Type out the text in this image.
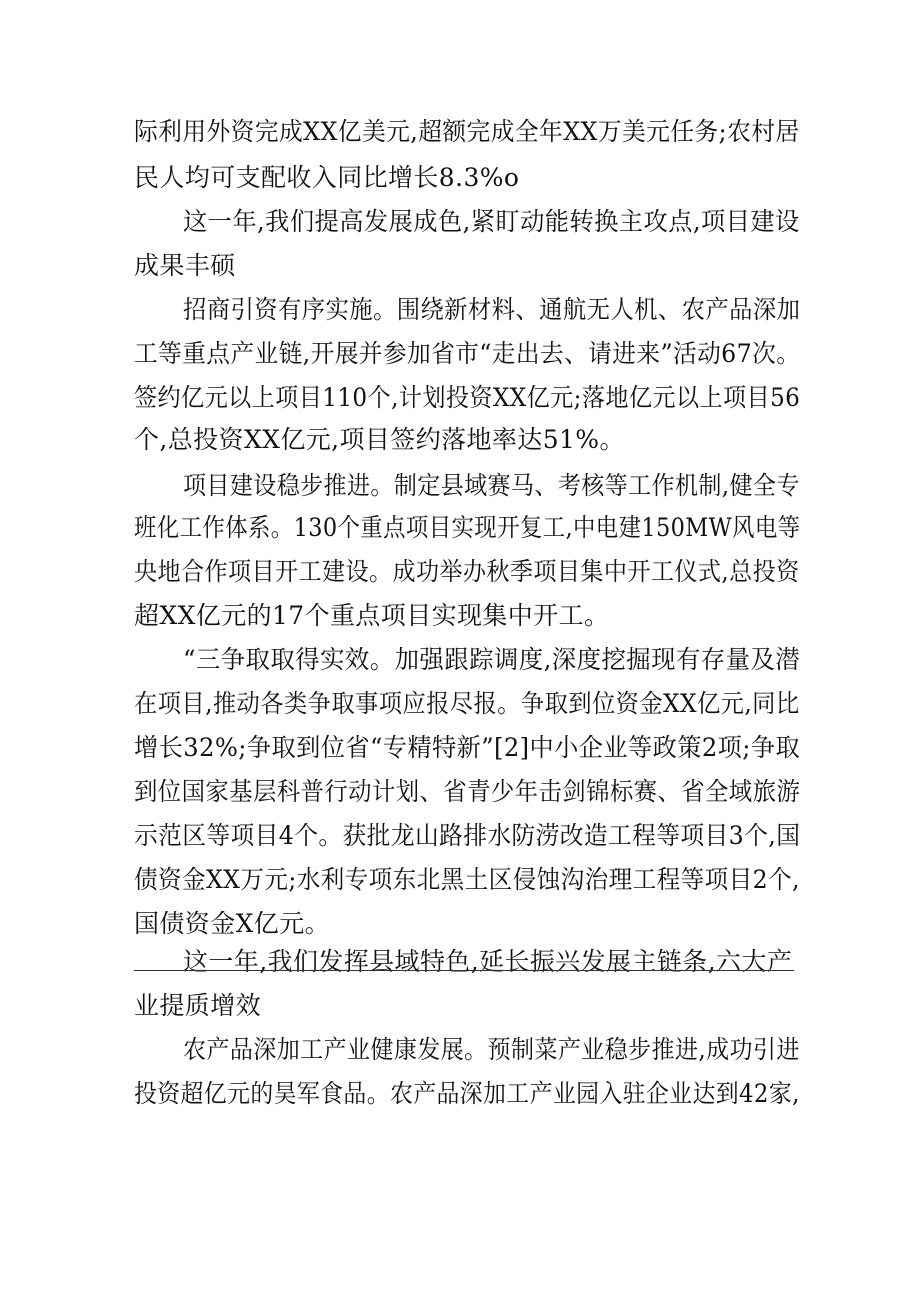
际利用外资完成XX亿美元,超额完成全年XX万美元任务;农村居
民人均可支配收入同比增长8.3%o
这一年,我们提高发展成色,紧盯动能转换主攻点,项目建设
成果丰硕
招商引资有序实施。围绕新材料、通航无人机、农产品深加
工等重点产业链,开展并参加省市“走出去、请进来”活动67次。
签约亿元以上项目110个,计划投资XX亿元;落地亿元以上项目56
个,总投资XX亿元,项目签约落地率达51%。
项目建设稳步推进。制定县域赛马、考核等工作机制,健全专
班化工作体系。130个重点项目实现开复工,中电建150MW风电等
央地合作项目开工建设。成功举办秋季项目集中开工仪式,总投资
超XX亿元的17个重点项目实现集中开工。
“三争取取得实效。加强跟踪调度,深度挖掘现有存量及潜
在项目,推动各类争取事项应报尽报。争取到位资金XX亿元,同比
增长32%;争取到位省“专精特新”[2]中小企业等政策2项;争取
到位国家基层科普行动计划、省青少年击剑锦标赛、省全域旅游
示范区等项目4个。获批龙山路排水防涝改造工程等项目3个,国
债资金XX万元;水利专项东北黑土区侵蚀沟治理工程等项目2个,
国债资金X亿元。
这一年,我们发挥县域特色,延长振兴发展主链条,六大产
业提质增效
农产品深加工产业健康发展。预制菜产业稳步推进,成功引进
投资超亿元的昊军食品。农产品深加工产业园入驻企业达到42家,
